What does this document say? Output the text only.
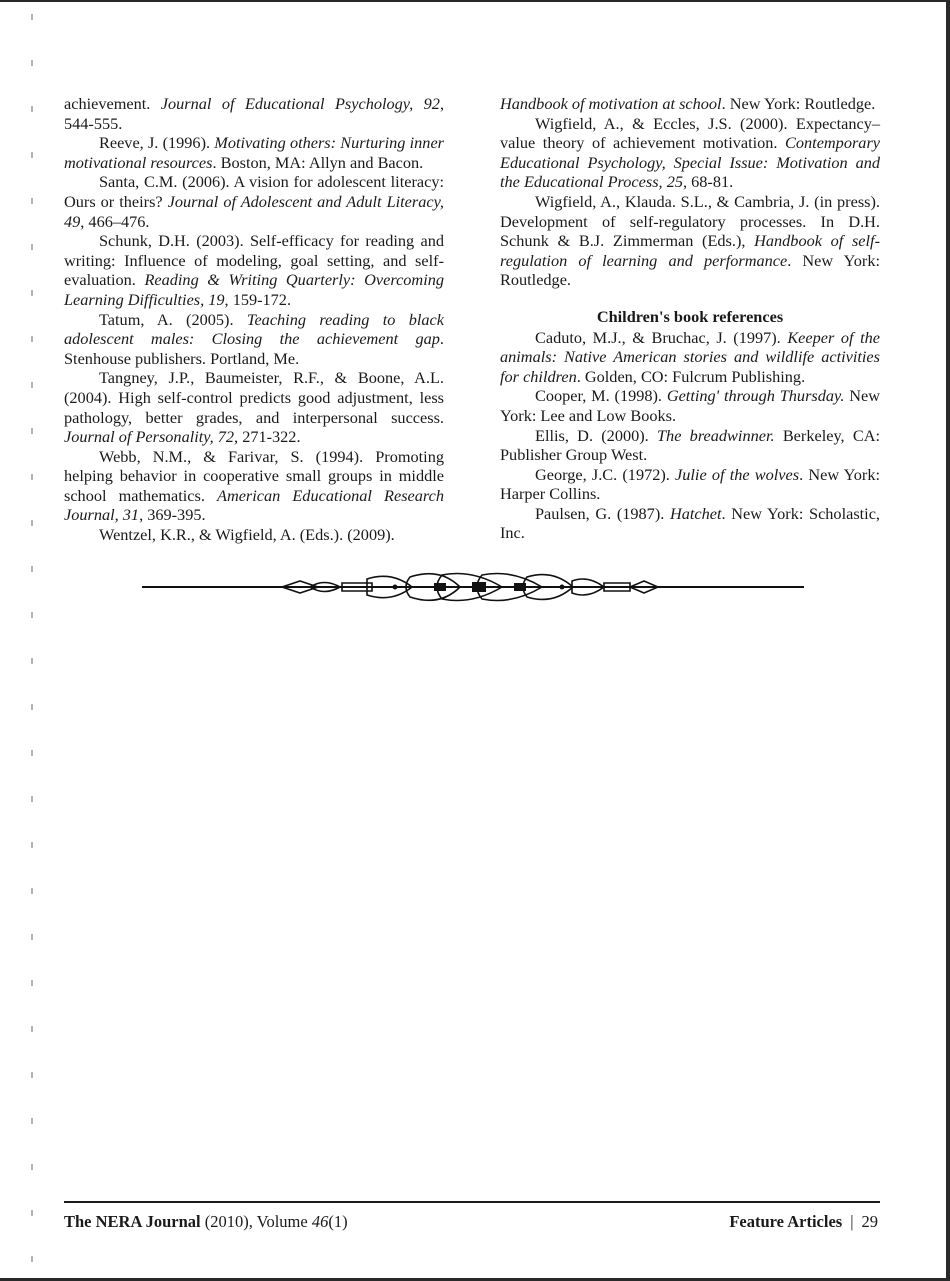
achievement. Journal of Educational Psychology, 92, 544-555.

Reeve, J. (1996). Motivating others: Nurturing inner motivational resources. Boston, MA: Allyn and Bacon.

Santa, C.M. (2006). A vision for adolescent literacy: Ours or theirs? Journal of Adolescent and Adult Literacy, 49, 466–476.

Schunk, D.H. (2003). Self-efficacy for reading and writing: Influence of modeling, goal setting, and self-evaluation. Reading & Writing Quarterly: Overcoming Learning Difficulties, 19, 159-172.

Tatum, A. (2005). Teaching reading to black adolescent males: Closing the achievement gap. Stenhouse publishers. Portland, Me.

Tangney, J.P., Baumeister, R.F., & Boone, A.L. (2004). High self-control predicts good adjustment, less pathology, better grades, and interpersonal success. Journal of Personality, 72, 271-322.

Webb, N.M., & Farivar, S. (1994). Promoting helping behavior in cooperative small groups in middle school mathematics. American Educational Research Journal, 31, 369-395.

Wentzel, K.R., & Wigfield, A. (Eds.). (2009).

Handbook of motivation at school. New York: Routledge.

Wigfield, A., & Eccles, J.S. (2000). Expectancy–value theory of achievement motivation. Contemporary Educational Psychology, Special Issue: Motivation and the Educational Process, 25, 68-81.

Wigfield, A., Klauda. S.L., & Cambria, J. (in press). Development of self-regulatory processes. In D.H. Schunk & B.J. Zimmerman (Eds.), Handbook of self-regulation of learning and performance. New York: Routledge.

Children's book references

Caduto, M.J., & Bruchac, J. (1997). Keeper of the animals: Native American stories and wildlife activities for children. Golden, CO: Fulcrum Publishing.

Cooper, M. (1998). Getting' through Thursday. New York: Lee and Low Books.

Ellis, D. (2000). The breadwinner. Berkeley, CA: Publisher Group West.

George, J.C. (1972). Julie of the wolves. New York: Harper Collins.

Paulsen, G. (1987). Hatchet. New York: Scholastic, Inc.

The NERA Journal (2010), Volume 46(1)	Feature Articles | 29
